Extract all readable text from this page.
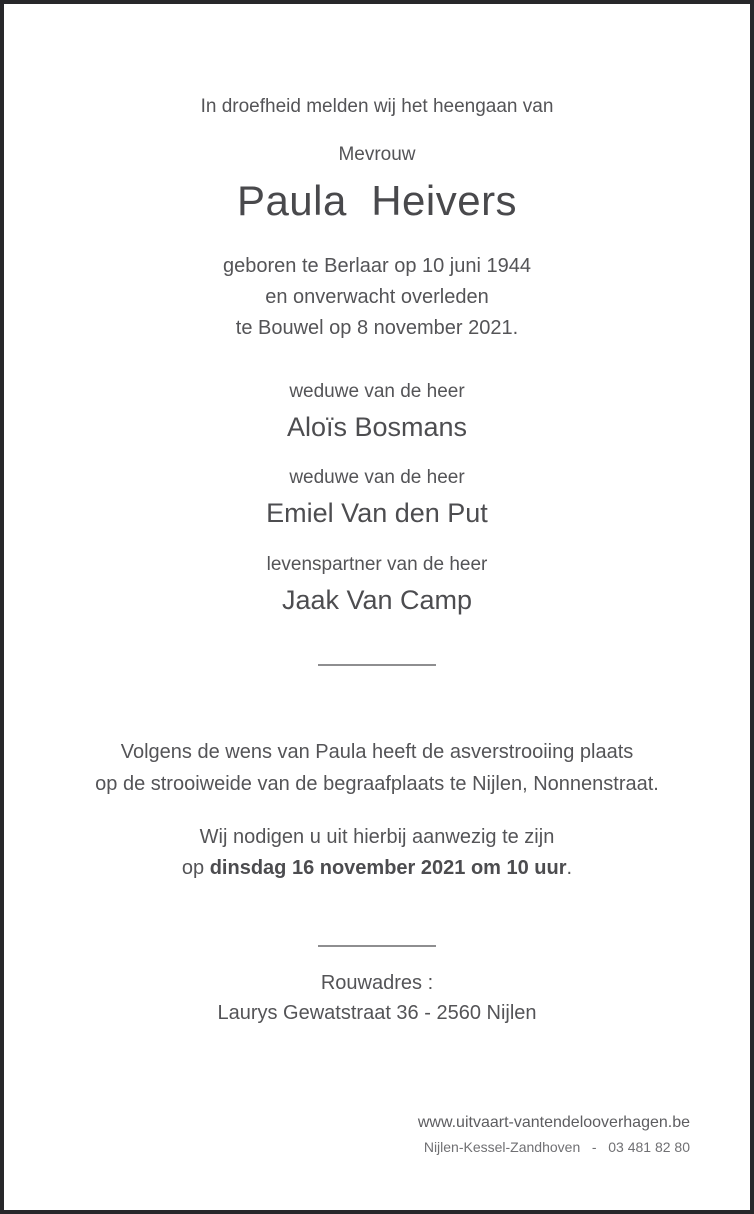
In droefheid melden wij het heengaan van
Mevrouw
Paula  Heivers
geboren te Berlaar op 10 juni 1944
en onverwacht overleden
te Bouwel op 8 november 2021.
weduwe van de heer
Aloïs Bosmans
weduwe van de heer
Emiel Van den Put
levenspartner van de heer
Jaak Van Camp
Volgens de wens van Paula heeft de asverstrooiing plaats
op de strooiweide van de begraafplaats te Nijlen, Nonnenstraat.
Wij nodigen u uit hierbij aanwezig te zijn
op dinsdag 16 november 2021 om 10 uur.
Rouwadres :
Laurys Gewatstraat 36 - 2560 Nijlen
www.uitvaart-vantendelooverhagen.be
Nijlen-Kessel-Zandhoven   -   03 481 82 80
